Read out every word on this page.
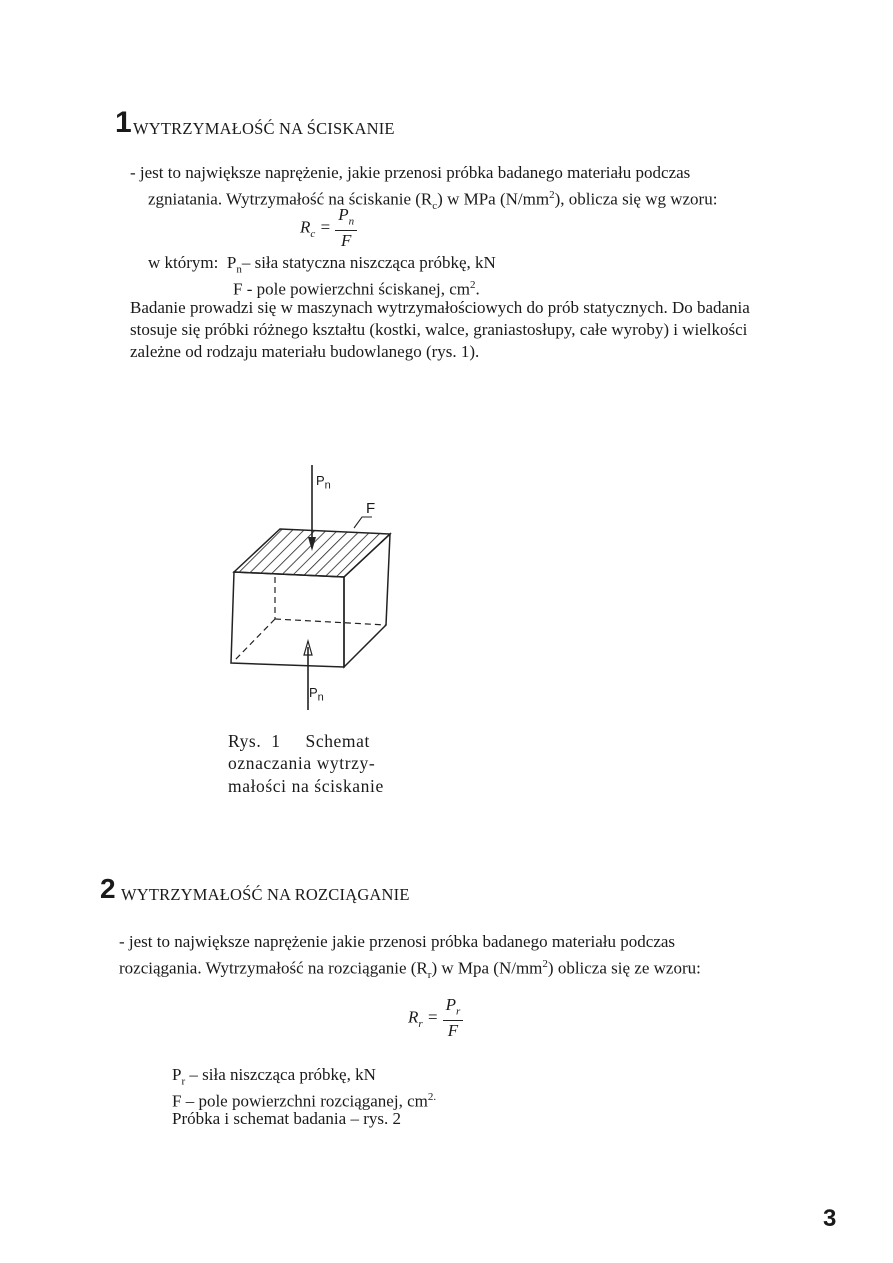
1 WYTRZYMAŁOŚĆ NA ŚCISKANIE
- jest to największe naprężenie, jakie przenosi próbka badanego materiału podczas
zgniatania. Wytrzymałość na ściskanie $(R_c)$ w MPa $(N/mm^2)$, oblicza się wg wzoru:
$R_c = \frac{P_n}{F}$
w którym: $P_n-$ siła statyczna niszcząca próbkę, kN
F - pole powierzchni ściskanej, $cm^2$.
Badanie prowadzi się w maszynach wytrzymałościowych do prób statycznych. Do badania
stosuje się próbki różnego kształtu (kostki, walce, graniastosłupy, całe wyroby) i wielkości
zależne od rodzaju materiału budowlanego (rys. 1).
$P_n$
F
$P_n$
Rys. 1 Schemat
oznaczania wytrzy-
małości na ściskanie
2 WYTRZYMAŁOŚĆ NA ROZCIĄGANIE
- jest to największe naprężenie jakie przenosi próbka badanego materiału podczas
rozciągania. Wytrzymałość na rozciąganie $(R_r)$ w Mpa $(N/mm^2)$ oblicza się ze wzoru:
$R_r = \frac{P_r}{F}$
$P_r$ – siła niszcząca próbkę, kN
F – pole powierzchni rozciąganej, $cm^{2.}$
Próbka i schemat badania – rys. 2
3
